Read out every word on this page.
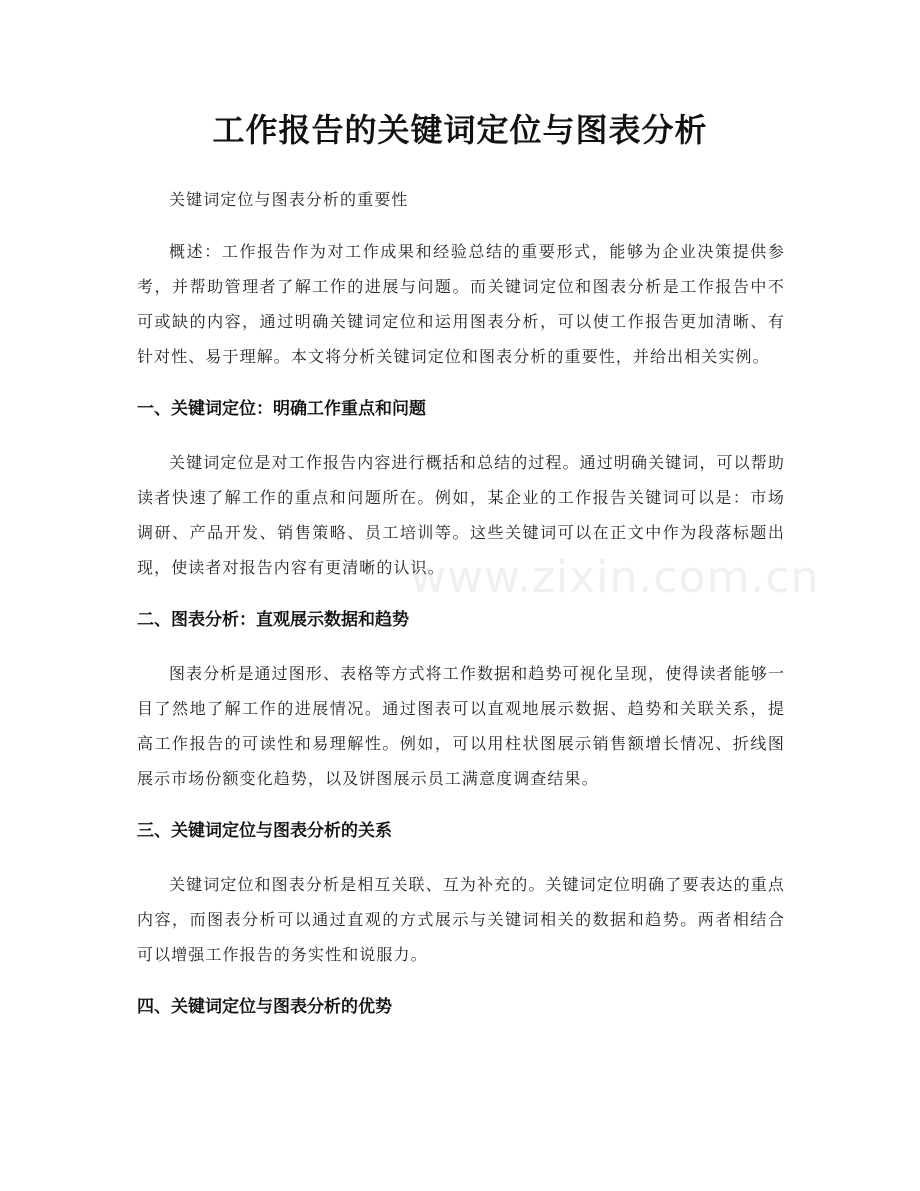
工作报告的关键词定位与图表分析

关键词定位与图表分析的重要性

概述：工作报告作为对工作成果和经验总结的重要形式，能够为企业决策提供参考，并帮助管理者了解工作的进展与问题。而关键词定位和图表分析是工作报告中不可或缺的内容，通过明确关键词定位和运用图表分析，可以使工作报告更加清晰、有针对性、易于理解。本文将分析关键词定位和图表分析的重要性，并给出相关实例。

一、关键词定位：明确工作重点和问题

关键词定位是对工作报告内容进行概括和总结的过程。通过明确关键词，可以帮助读者快速了解工作的重点和问题所在。例如，某企业的工作报告关键词可以是：市场调研、产品开发、销售策略、员工培训等。这些关键词可以在正文中作为段落标题出现，使读者对报告内容有更清晰的认识。

二、图表分析：直观展示数据和趋势

图表分析是通过图形、表格等方式将工作数据和趋势可视化呈现，使得读者能够一目了然地了解工作的进展情况。通过图表可以直观地展示数据、趋势和关联关系，提高工作报告的可读性和易理解性。例如，可以用柱状图展示销售额增长情况、折线图展示市场份额变化趋势，以及饼图展示员工满意度调查结果。

三、关键词定位与图表分析的关系

关键词定位和图表分析是相互关联、互为补充的。关键词定位明确了要表达的重点内容，而图表分析可以通过直观的方式展示与关键词相关的数据和趋势。两者相结合可以增强工作报告的务实性和说服力。

四、关键词定位与图表分析的优势
www.zixin.com.cn
